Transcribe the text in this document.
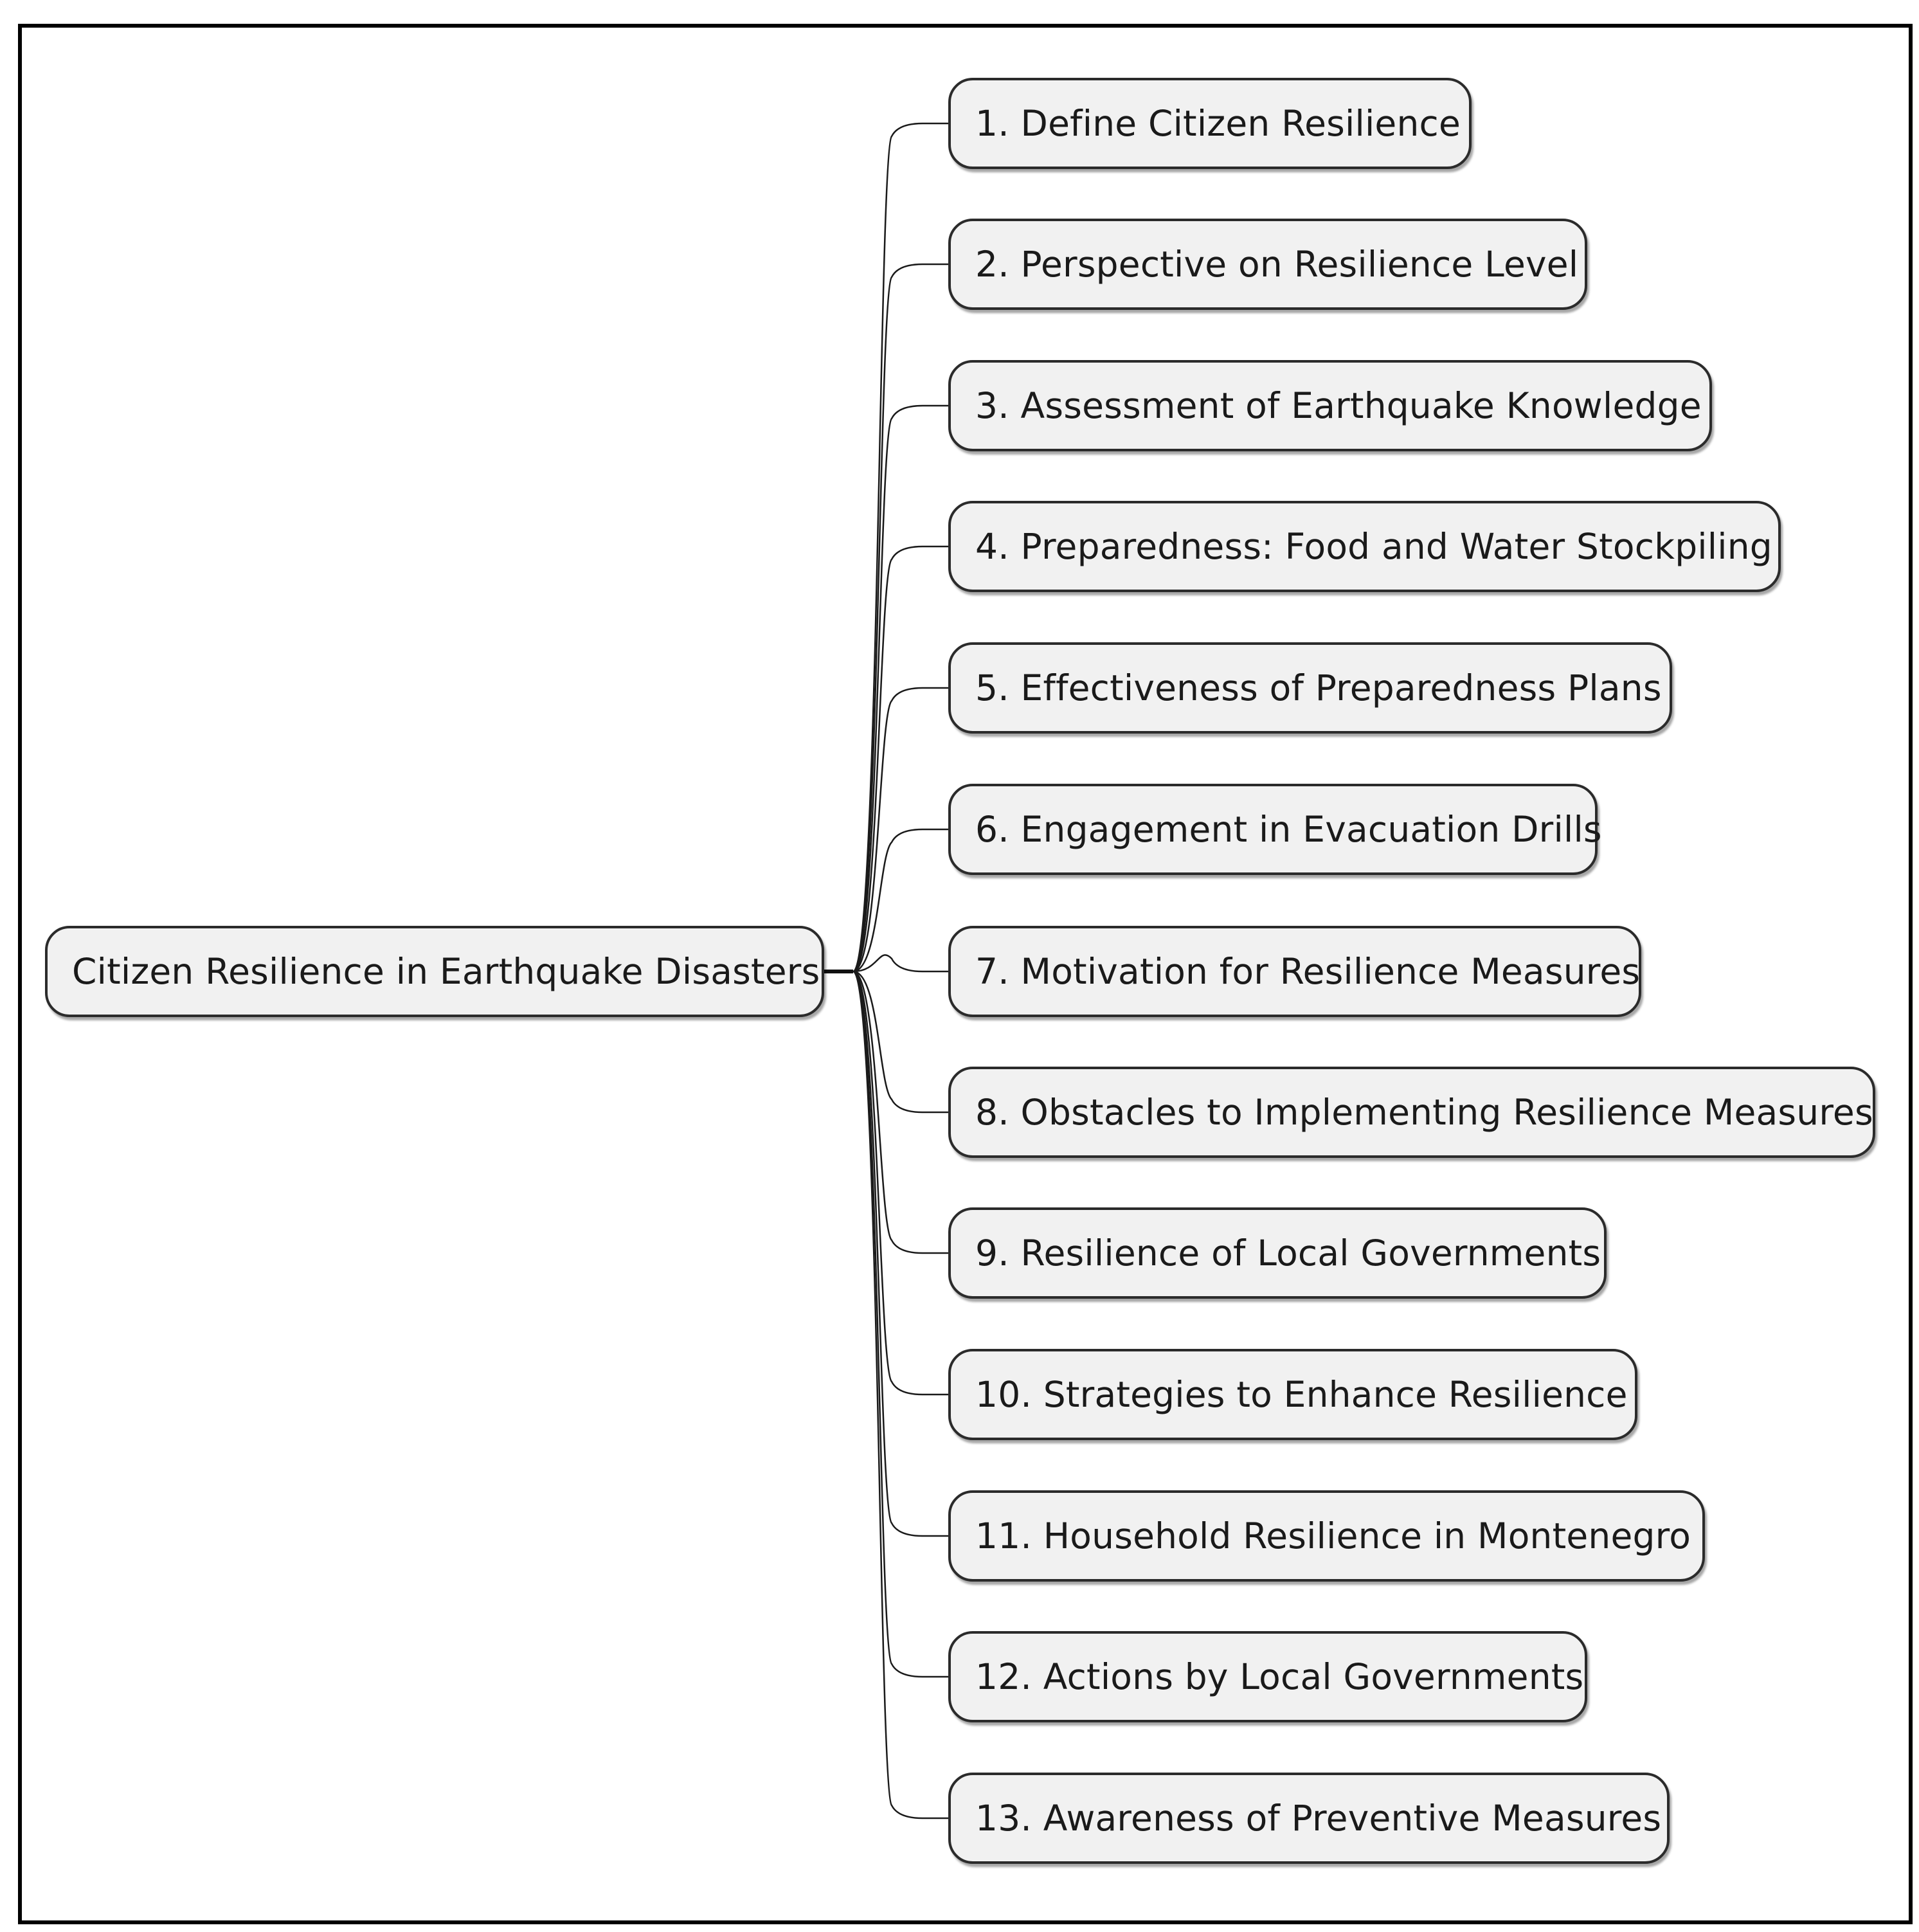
Citizen Resilience in Earthquake Disasters
1. Define Citizen Resilience
2. Perspective on Resilience Level
3. Assessment of Earthquake Knowledge
4. Preparedness: Food and Water Stockpiling
5. Effectiveness of Preparedness Plans
6. Engagement in Evacuation Drills
7. Motivation for Resilience Measures
8. Obstacles to Implementing Resilience Measures
9. Resilience of Local Governments
10. Strategies to Enhance Resilience
11. Household Resilience in Montenegro
12. Actions by Local Governments
13. Awareness of Preventive Measures
